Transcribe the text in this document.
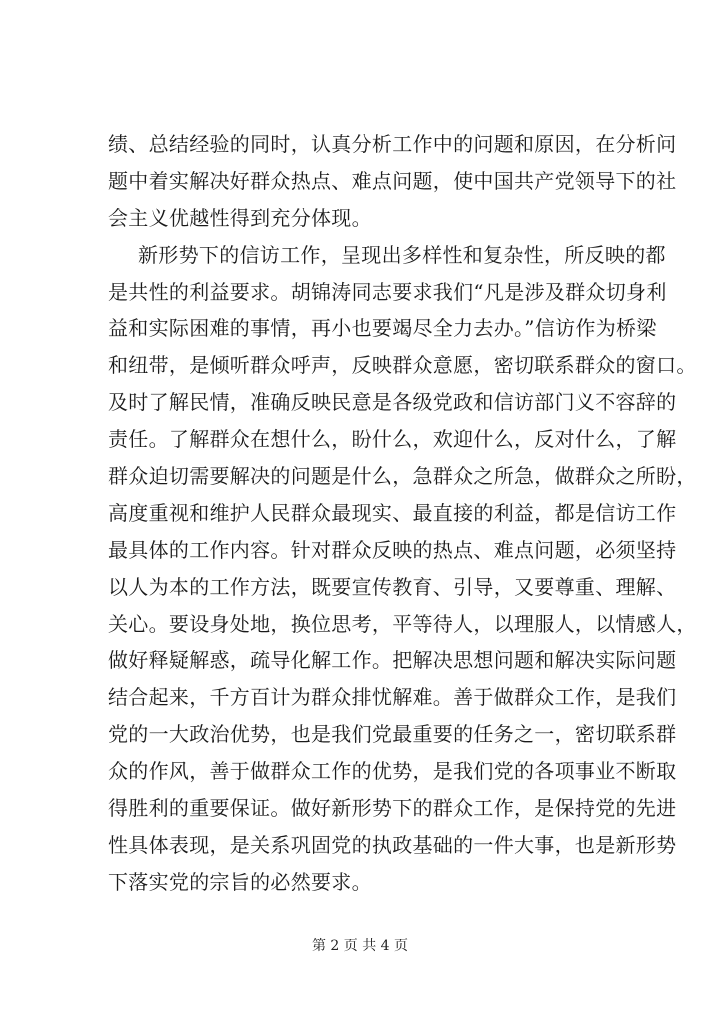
绩、总结经验的同时，认真分析工作中的问题和原因，在分析问
题中着实解决好群众热点、难点问题，使中国共产党领导下的社
会主义优越性得到充分体现。
新形势下的信访工作，呈现出多样性和复杂性，所反映的都
是共性的利益要求。胡锦涛同志要求我们“凡是涉及群众切身利
益和实际困难的事情，再小也要竭尽全力去办。”信访作为桥梁
和纽带，是倾听群众呼声，反映群众意愿，密切联系群众的窗口。
及时了解民情，准确反映民意是各级党政和信访部门义不容辞的
责任。了解群众在想什么，盼什么，欢迎什么，反对什么，了解
群众迫切需要解决的问题是什么，急群众之所急，做群众之所盼，
高度重视和维护人民群众最现实、最直接的利益，都是信访工作
最具体的工作内容。针对群众反映的热点、难点问题，必须坚持
以人为本的工作方法，既要宣传教育、引导，又要尊重、理解、
关心。要设身处地，换位思考，平等待人，以理服人，以情感人，
做好释疑解惑，疏导化解工作。把解决思想问题和解决实际问题
结合起来，千方百计为群众排忧解难。善于做群众工作，是我们
党的一大政治优势，也是我们党最重要的任务之一，密切联系群
众的作风，善于做群众工作的优势，是我们党的各项事业不断取
得胜利的重要保证。做好新形势下的群众工作，是保持党的先进
性具体表现，是关系巩固党的执政基础的一件大事，也是新形势
下落实党的宗旨的必然要求。
第 2 页 共 4 页
